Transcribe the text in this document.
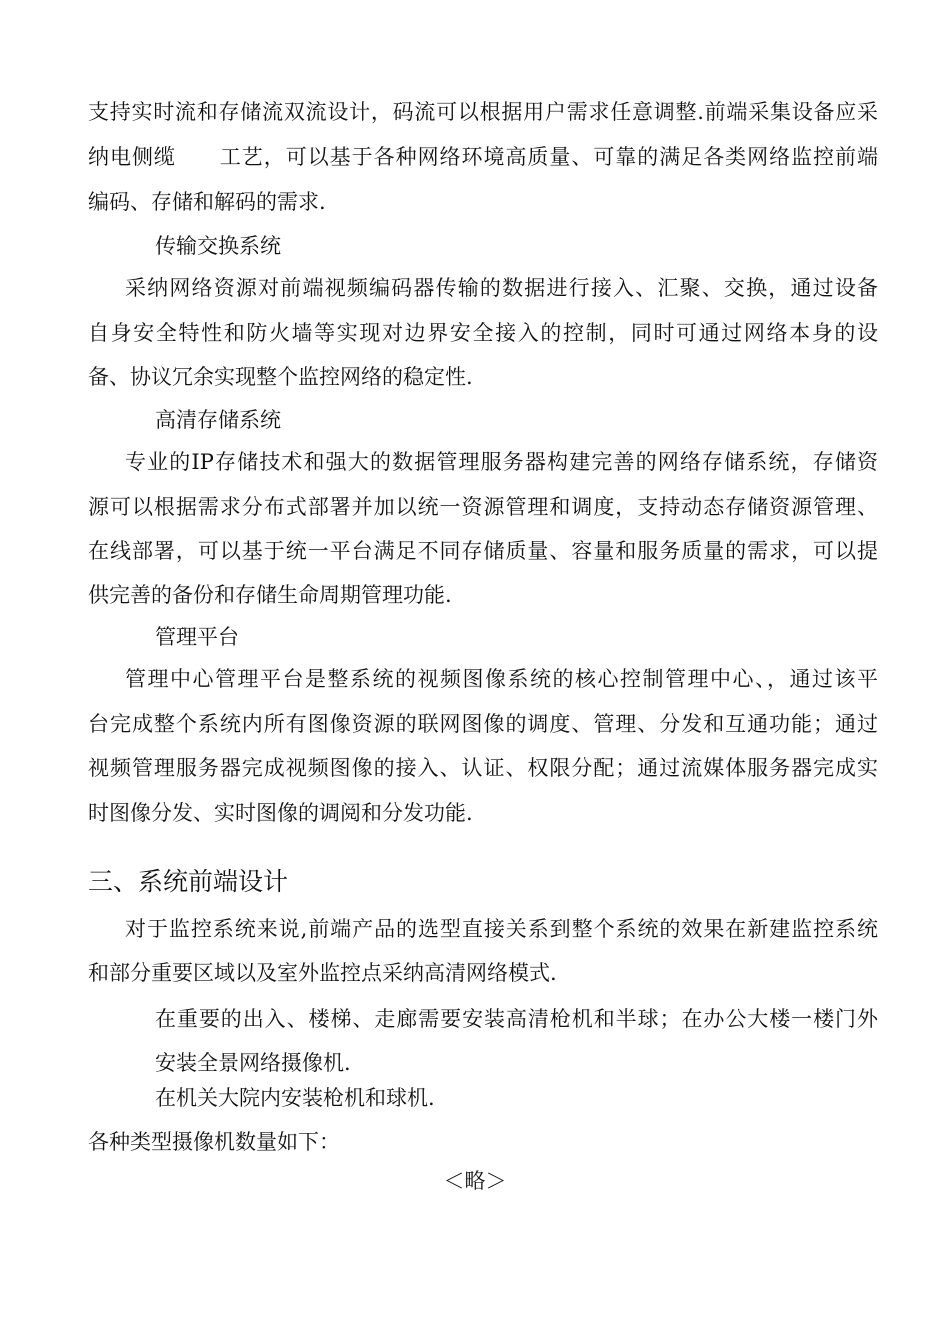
支持实时流和存储流双流设计，码流可以根据用户需求任意调整.前端采集设备应采
纳电侧缆　　工艺，可以基于各种网络环境高质量、可靠的满足各类网络监控前端
编码、存储和解码的需求.
传输交换系统
采纳网络资源对前端视频编码器传输的数据进行接入、汇聚、交换，通过设备
自身安全特性和防火墙等实现对边界安全接入的控制，同时可通过网络本身的设
备、协议冗余实现整个监控网络的稳定性.
高清存储系统
专业的IP存储技术和强大的数据管理服务器构建完善的网络存储系统，存储资
源可以根据需求分布式部署并加以统一资源管理和调度，支持动态存储资源管理、
在线部署，可以基于统一平台满足不同存储质量、容量和服务质量的需求，可以提
供完善的备份和存储生命周期管理功能.
管理平台
管理中心管理平台是整系统的视频图像系统的核心控制管理中心、，通过该平
台完成整个系统内所有图像资源的联网图像的调度、管理、分发和互通功能；通过
视频管理服务器完成视频图像的接入、认证、权限分配；通过流媒体服务器完成实
时图像分发、实时图像的调阅和分发功能.
三、系统前端设计
对于监控系统来说,前端产品的选型直接关系到整个系统的效果在新建监控系统
和部分重要区域以及室外监控点采纳高清网络模式.
在重要的出入、楼梯、走廊需要安装高清枪机和半球；在办公大楼一楼门外
安装全景网络摄像机.
在机关大院内安装枪机和球机.
各种类型摄像机数量如下：
＜略＞
